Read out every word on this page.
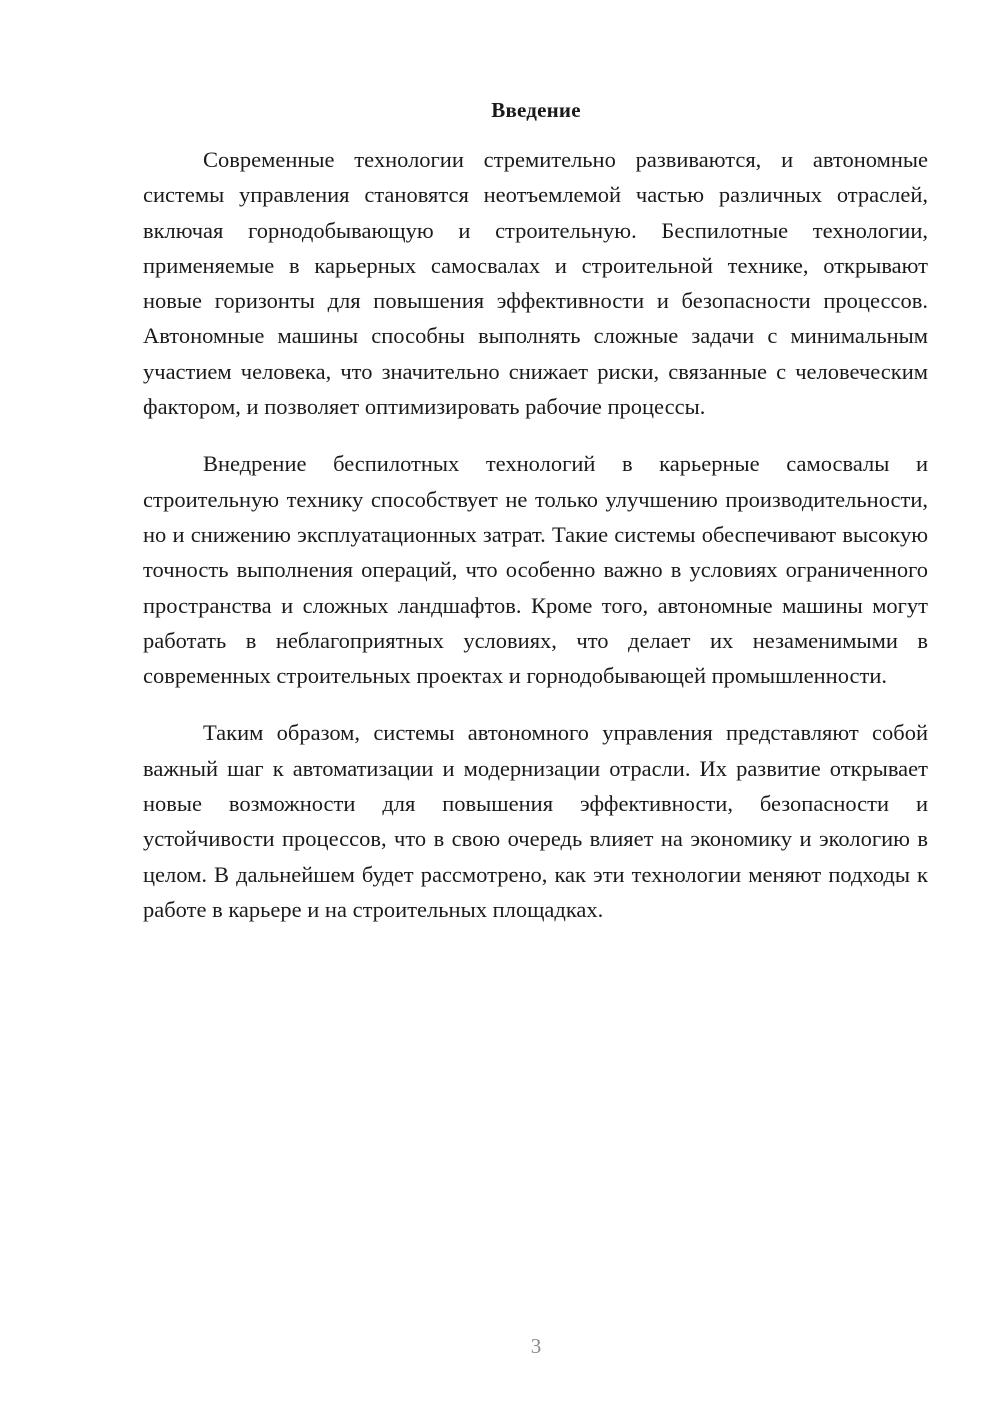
Введение

Современные технологии стремительно развиваются, и автономные системы управления становятся неотъемлемой частью различных отраслей, включая горнодобывающую и строительную. Беспилотные технологии, применяемые в карьерных самосвалах и строительной технике, открывают новые горизонты для повышения эффективности и безопасности процессов. Автономные машины способны выполнять сложные задачи с минимальным участием человека, что значительно снижает риски, связанные с человеческим фактором, и позволяет оптимизировать рабочие процессы.

Внедрение беспилотных технологий в карьерные самосвалы и строительную технику способствует не только улучшению производительности, но и снижению эксплуатационных затрат. Такие системы обеспечивают высокую точность выполнения операций, что особенно важно в условиях ограниченного пространства и сложных ландшафтов. Кроме того, автономные машины могут работать в неблагоприятных условиях, что делает их незаменимыми в современных строительных проектах и горнодобывающей промышленности.

Таким образом, системы автономного управления представляют собой важный шаг к автоматизации и модернизации отрасли. Их развитие открывает новые возможности для повышения эффективности, безопасности и устойчивости процессов, что в свою очередь влияет на экономику и экологию в целом. В дальнейшем будет рассмотрено, как эти технологии меняют подходы к работе в карьере и на строительных площадках.

3
